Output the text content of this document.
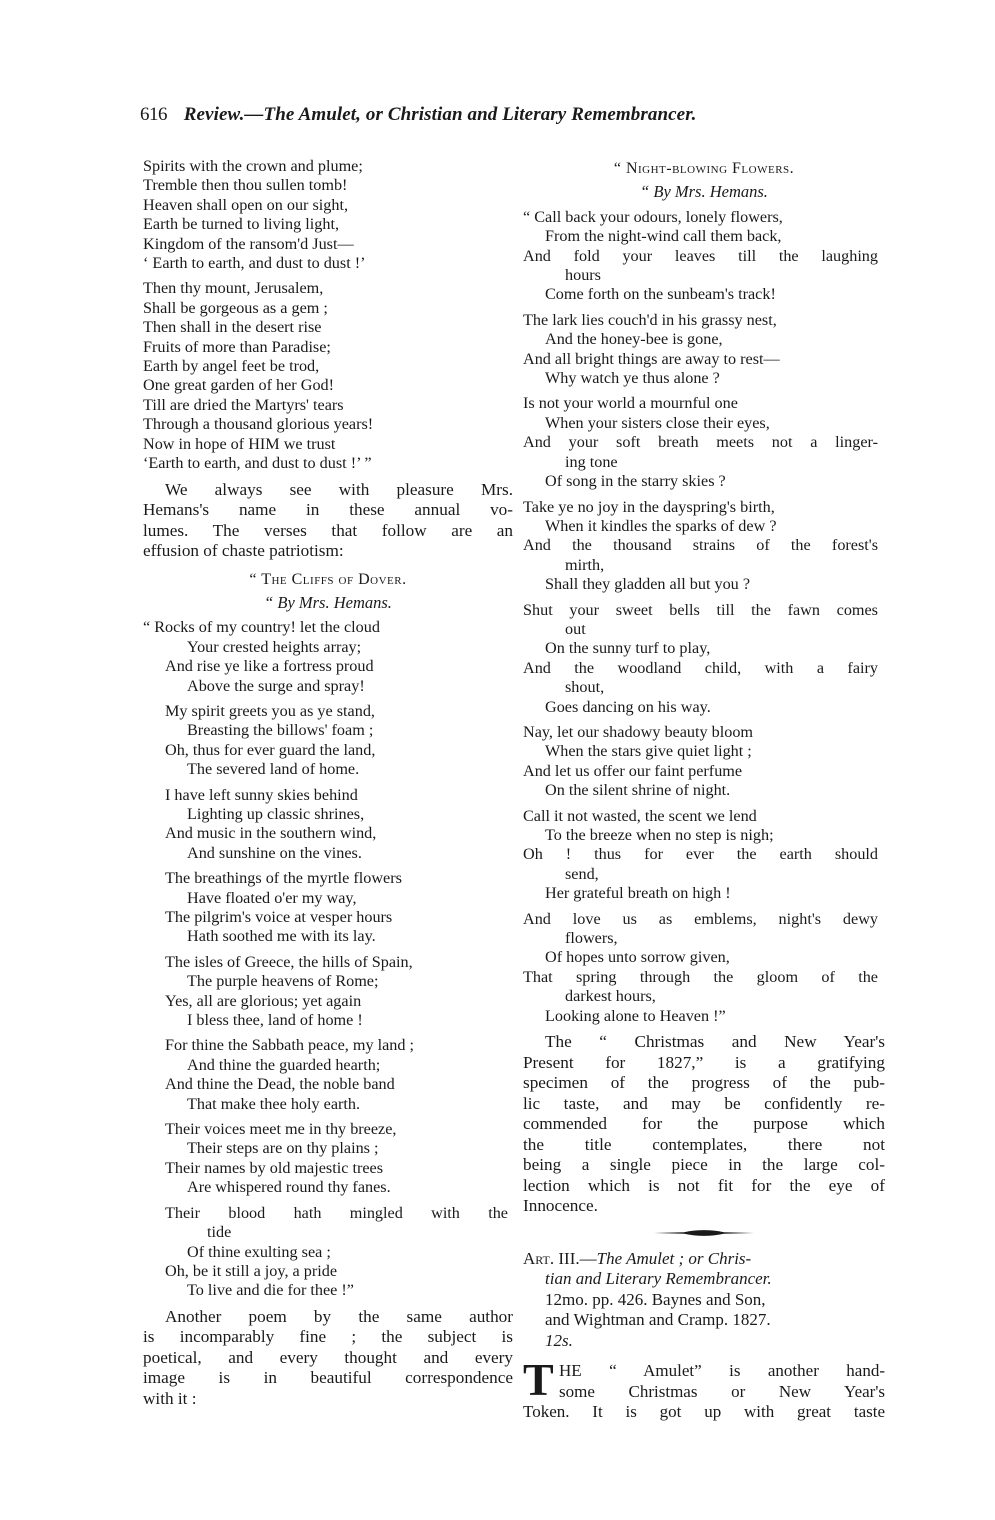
616 Review.—The Amulet, or Christian and Literary Remembrancer.
Spirits with the crown and plume;
Tremble then thou sullen tomb!
Heaven shall open on our sight,
Earth be turned to living light,
Kingdom of the ransom'd Just—
‘ Earth to earth, and dust to dust !’
Then thy mount, Jerusalem,
Shall be gorgeous as a gem ;
Then shall in the desert rise
Fruits of more than Paradise;
Earth by angel feet be trod,
One great garden of her God!
Till are dried the Martyrs' tears
Through a thousand glorious years!
Now in hope of HIM we trust
‘Earth to earth, and dust to dust !’ ”
We always see with pleasure Mrs.
Hemans's name in these annual vo-
lumes. The verses that follow are an
effusion of chaste patriotism:
“ The Cliffs of Dover.
“ By Mrs. Hemans.
“ Rocks of my country! let the cloud
Your crested heights array;
And rise ye like a fortress proud
Above the surge and spray!
My spirit greets you as ye stand,
Breasting the billows' foam ;
Oh, thus for ever guard the land,
The severed land of home.
I have left sunny skies behind
Lighting up classic shrines,
And music in the southern wind,
And sunshine on the vines.
The breathings of the myrtle flowers
Have floated o'er my way,
The pilgrim's voice at vesper hours
Hath soothed me with its lay.
The isles of Greece, the hills of Spain,
The purple heavens of Rome;
Yes, all are glorious; yet again
I bless thee, land of home !
For thine the Sabbath peace, my land ;
And thine the guarded hearth;
And thine the Dead, the noble band
That make thee holy earth.
Their voices meet me in thy breeze,
Their steps are on thy plains ;
Their names by old majestic trees
Are whispered round thy fanes.
Their blood hath mingled with the
tide
Of thine exulting sea ;
Oh, be it still a joy, a pride
To live and die for thee !”
Another poem by the same author
is incomparably fine ; the subject is
poetical, and every thought and every
image is in beautiful correspondence
with it :
“ Night-blowing Flowers.
“ By Mrs. Hemans.
“ Call back your odours, lonely flowers,
From the night-wind call them back,
And fold your leaves till the laughing
hours
Come forth on the sunbeam's track!
The lark lies couch'd in his grassy nest,
And the honey-bee is gone,
And all bright things are away to rest—
Why watch ye thus alone ?
Is not your world a mournful one
When your sisters close their eyes,
And your soft breath meets not a linger-
ing tone
Of song in the starry skies ?
Take ye no joy in the dayspring's birth,
When it kindles the sparks of dew ?
And the thousand strains of the forest's
mirth,
Shall they gladden all but you ?
Shut your sweet bells till the fawn comes
out
On the sunny turf to play,
And the woodland child, with a fairy
shout,
Goes dancing on his way.
Nay, let our shadowy beauty bloom
When the stars give quiet light ;
And let us offer our faint perfume
On the silent shrine of night.
Call it not wasted, the scent we lend
To the breeze when no step is nigh;
Oh ! thus for ever the earth should
send,
Her grateful breath on high !
And love us as emblems, night's dewy
flowers,
Of hopes unto sorrow given,
That spring through the gloom of the
darkest hours,
Looking alone to Heaven !”
The “ Christmas and New Year's
Present for 1827,” is a gratifying
specimen of the progress of the pub-
lic taste, and may be confidently re-
commended for the purpose which
the title contemplates, there not
being a single piece in the large col-
lection which is not fit for the eye of
Innocence.
Art. III.—The Amulet ; or Chris-
tian and Literary Remembrancer.
12mo. pp. 426. Baynes and Son,
and Wightman and Cramp. 1827.
12s.
T HE “ Amulet” is another hand-
some Christmas or New Year's
Token. It is got up with great taste
